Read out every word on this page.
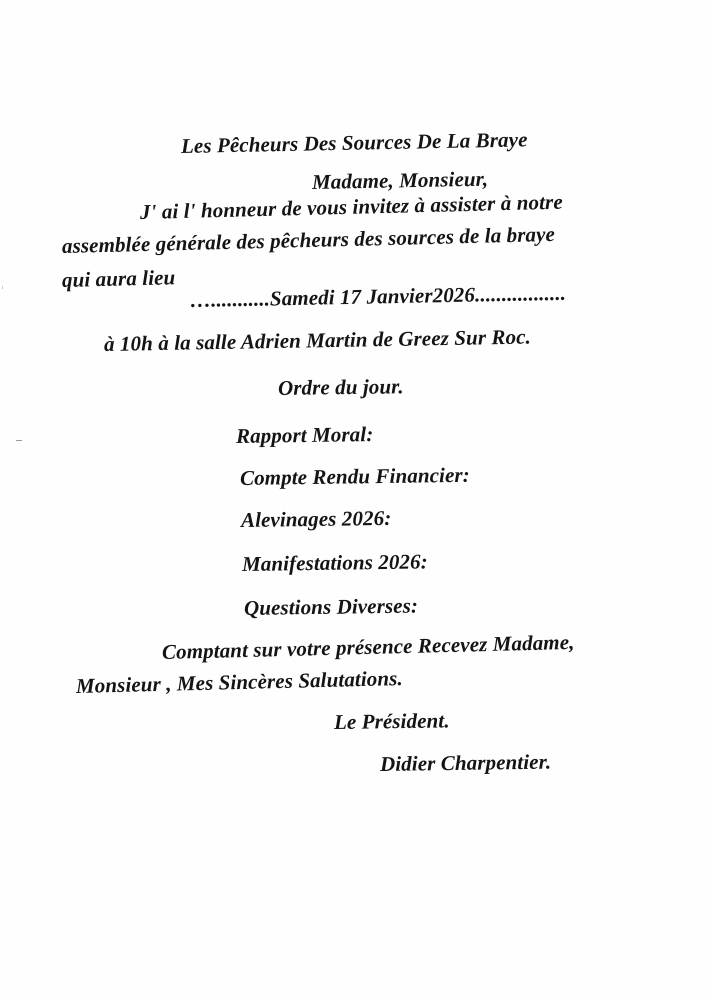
Les Pêcheurs Des Sources De La Braye

Madame, Monsieur,

J' ai l' honneur de vous invitez à assister à notre

assemblée générale des pêcheurs des sources de la braye

qui aura lieu

…...........Samedi 17 Janvier2026.................

à 10h à la salle Adrien Martin de Greez Sur Roc.

Ordre du jour.

Rapport Moral:

Compte Rendu Financier:

Alevinages 2026:

Manifestations 2026:

Questions Diverses:

Comptant sur votre présence Recevez Madame,

Monsieur , Mes Sincères Salutations.

Le Président.

Didier Charpentier.
